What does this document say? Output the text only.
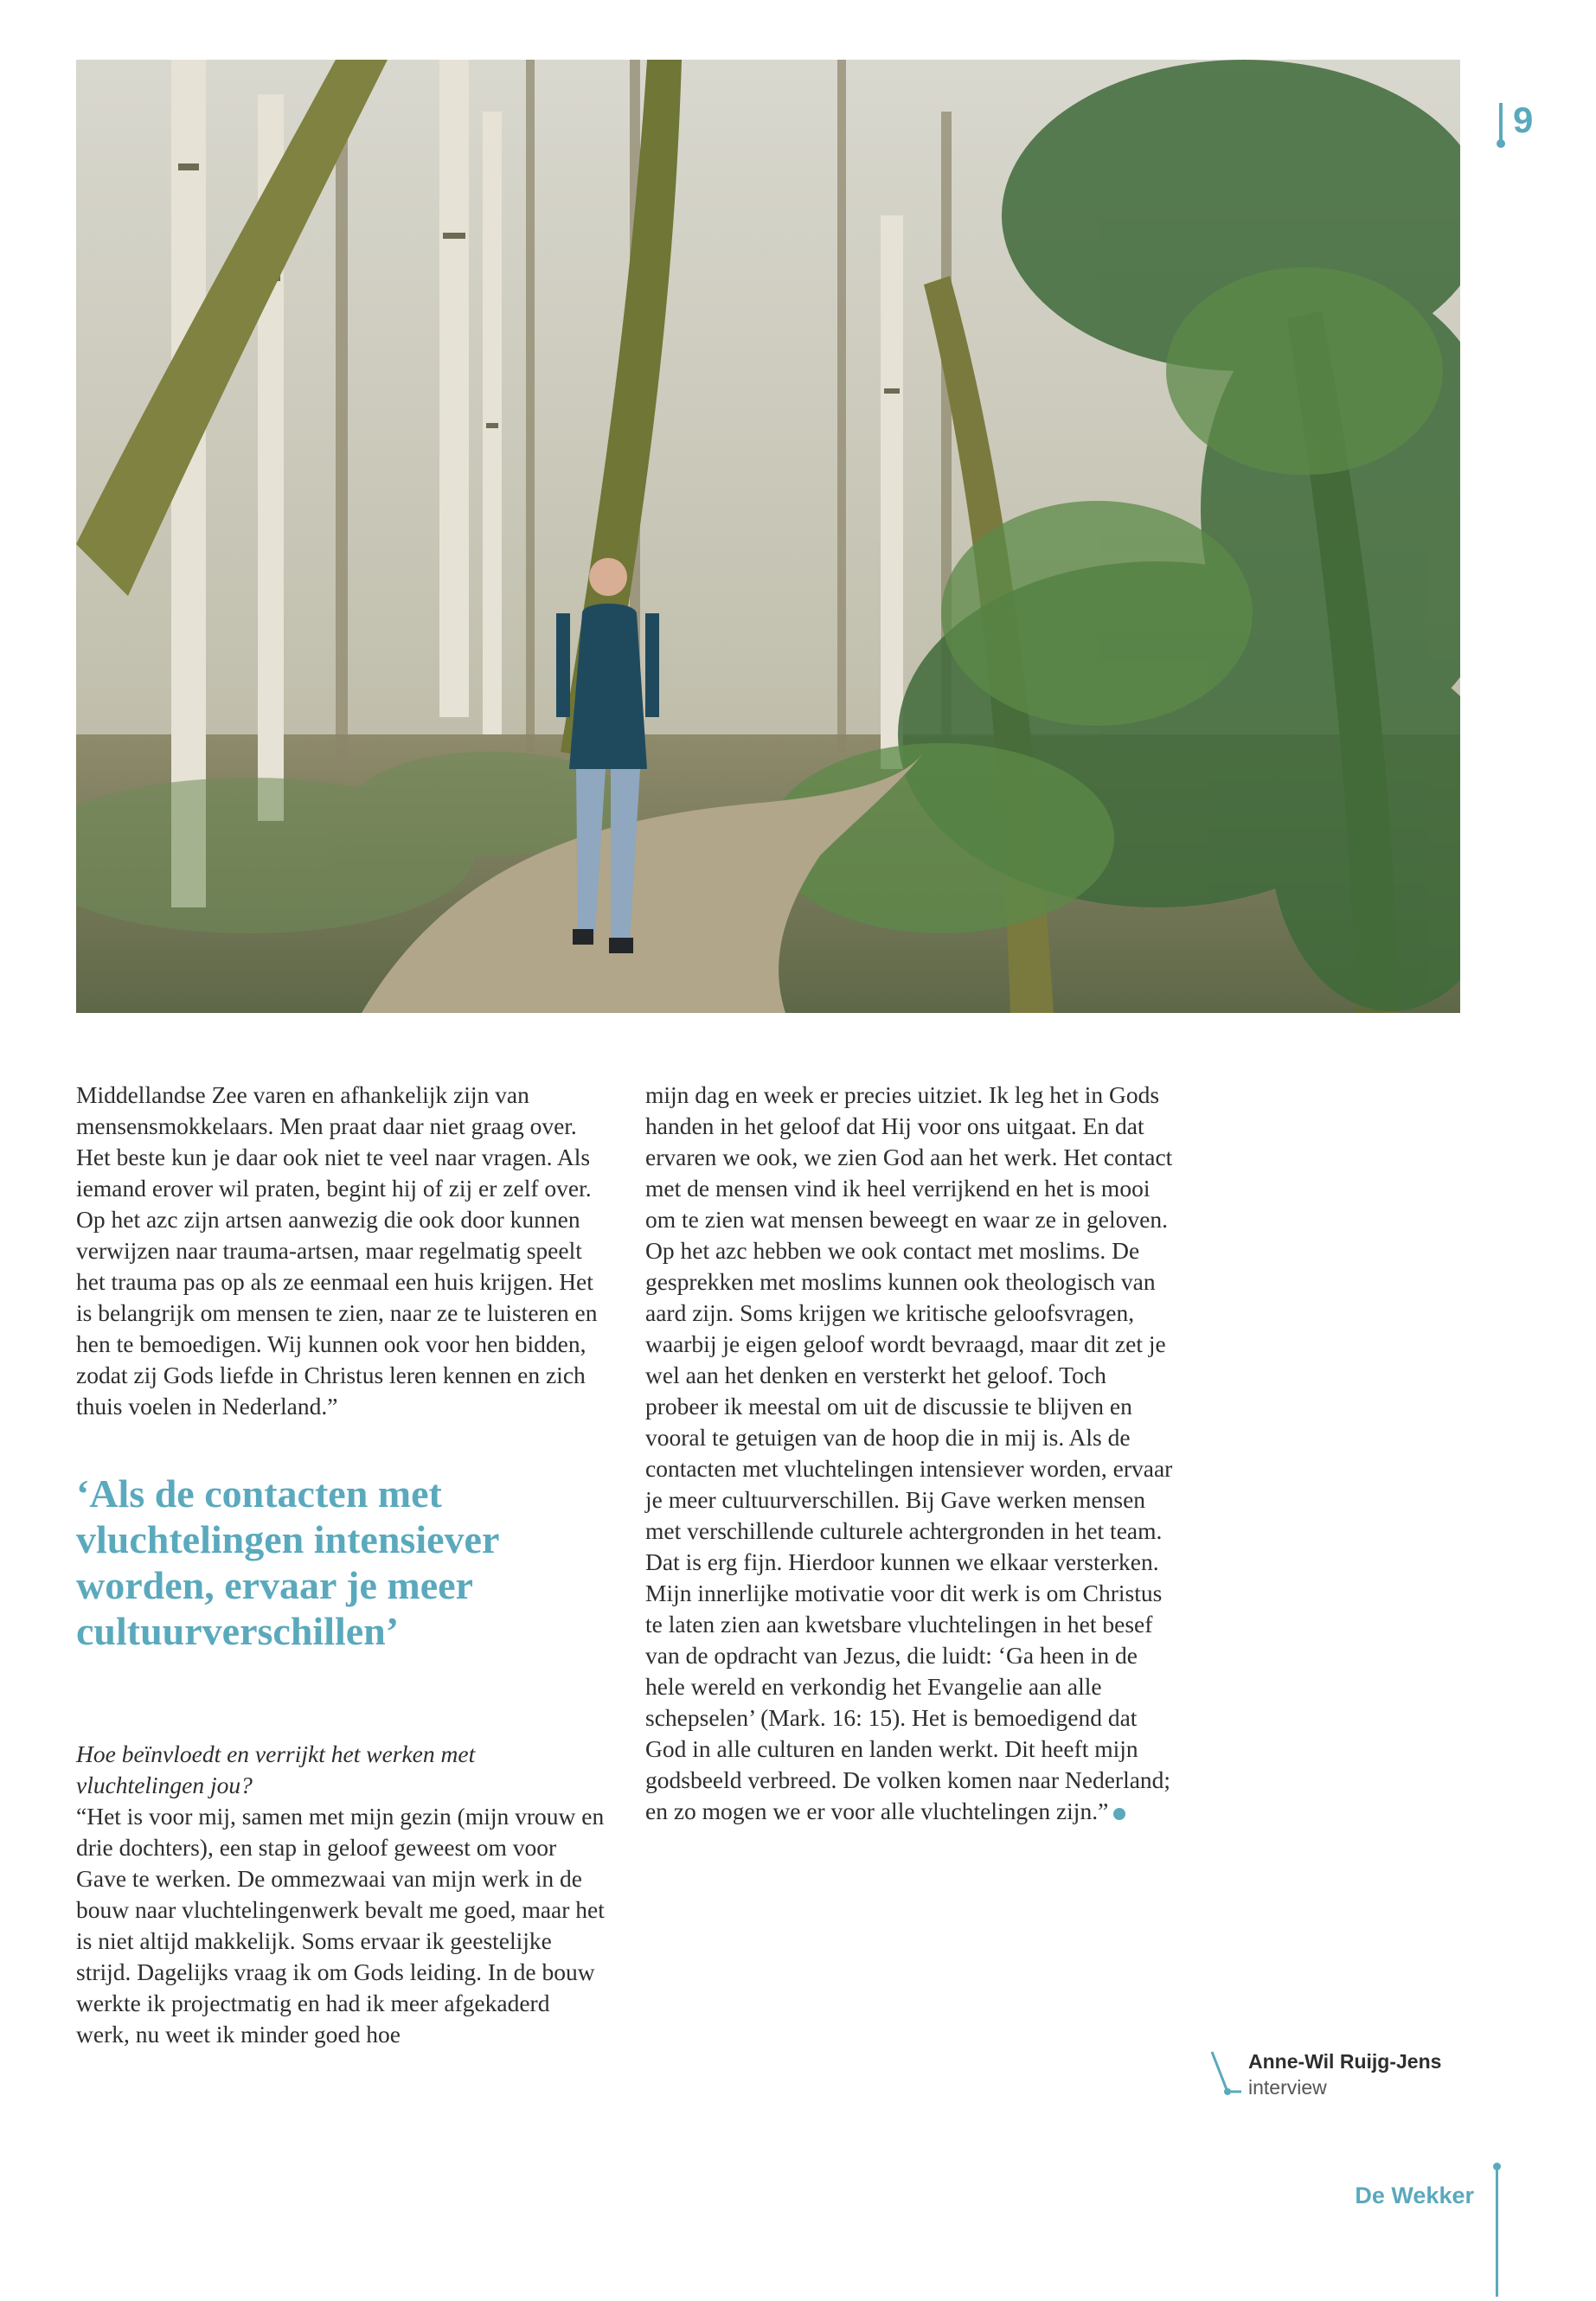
9

Middellandse Zee varen en afhankelijk zijn van mensensmokkelaars. Men praat daar niet graag over. Het beste kun je daar ook niet te veel naar vragen. Als iemand erover wil praten, begint hij of zij er zelf over. Op het azc zijn artsen aanwezig die ook door kunnen verwijzen naar trauma-artsen, maar regelmatig speelt het trauma pas op als ze eenmaal een huis krijgen. Het is belangrijk om mensen te zien, naar ze te luisteren en hen te bemoedigen. Wij kunnen ook voor hen bidden, zodat zij Gods liefde in Christus leren kennen en zich thuis voelen in Nederland.”

‘Als de contacten met vluchtelingen intensiever worden, ervaar je meer cultuurverschillen’

Hoe beïnvloedt en verrijkt het werken met vluchtelingen jou?

“Het is voor mij, samen met mijn gezin (mijn vrouw en drie dochters), een stap in geloof geweest om voor Gave te werken. De ommezwaai van mijn werk in de bouw naar vluchtelingenwerk bevalt me goed, maar het is niet altijd makkelijk. Soms ervaar ik geestelijke strijd. Dagelijks vraag ik om Gods leiding. In de bouw werkte ik projectmatig en had ik meer afgekaderd werk, nu weet ik minder goed hoe

mijn dag en week er precies uitziet. Ik leg het in Gods handen in het geloof dat Hij voor ons uitgaat. En dat ervaren we ook, we zien God aan het werk. Het contact met de mensen vind ik heel verrijkend en het is mooi om te zien wat mensen beweegt en waar ze in geloven. Op het azc hebben we ook contact met moslims. De gesprekken met moslims kunnen ook theologisch van aard zijn. Soms krijgen we kritische geloofsvragen, waarbij je eigen geloof wordt bevraagd, maar dit zet je wel aan het denken en versterkt het geloof. Toch probeer ik meestal om uit de discussie te blijven en vooral te getuigen van de hoop die in mij is. Als de contacten met vluchtelingen intensiever worden, ervaar je meer cultuurverschillen. Bij Gave werken mensen met verschillende culturele achtergronden in het team. Dat is erg fijn. Hierdoor kunnen we elkaar versterken. Mijn innerlijke motivatie voor dit werk is om Christus te laten zien aan kwetsbare vluchtelingen in het besef van de opdracht van Jezus, die luidt: ‘Ga heen in de hele wereld en verkondig het Evangelie aan alle schepselen’ (Mark. 16: 15). Het is bemoedigend dat God in alle culturen en landen werkt. Dit heeft mijn godsbeeld verbreed. De volken komen naar Nederland; en zo mogen we er voor alle vluchtelingen zijn.”

Anne-Wil Ruijg-Jens
interview
De Wekker
